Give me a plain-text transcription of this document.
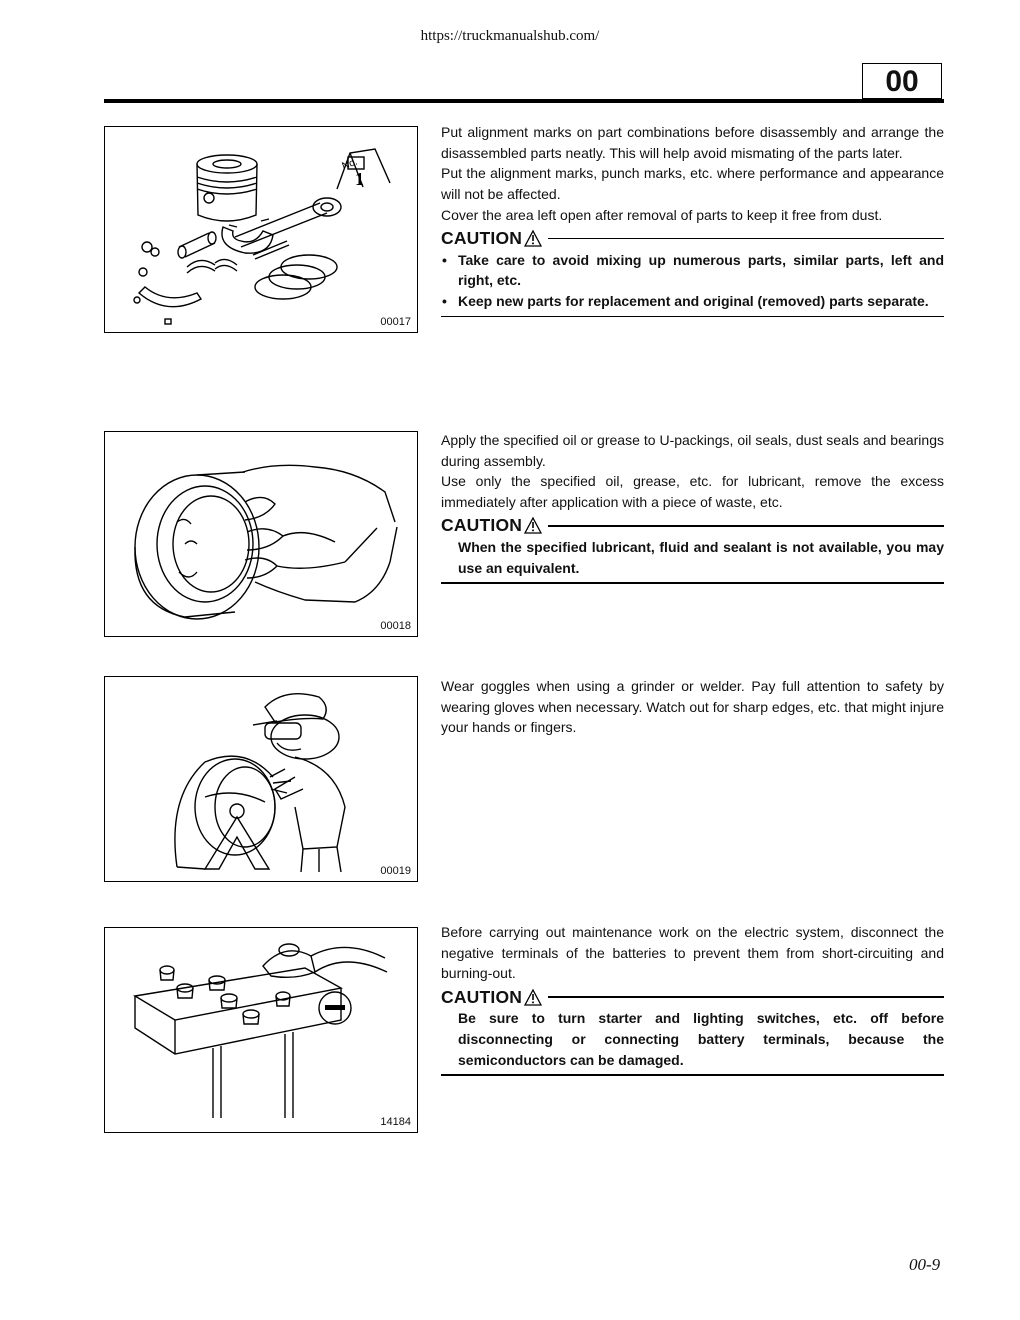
https://truckmanualshub.com/
00
No.
1
00017

Put alignment marks on part combinations before disassembly and arrange the disassembled parts neatly. This will help avoid mismating of the parts later.

Put the alignment marks, punch marks, etc. where performance and appearance will not be affected.

Cover the area left open after removal of parts to keep it free from dust.

CAUTION
• Take care to avoid mixing up numerous parts, similar parts, left and right, etc.
• Keep new parts for replacement and original (removed) parts separate.
00018

Apply the specified oil or grease to U-packings, oil seals, dust seals and bearings during assembly.

Use only the specified oil, grease, etc. for lubricant, remove the excess immediately after application with a piece of waste, etc.

CAUTION
When the specified lubricant, fluid and sealant is not available, you may use an equivalent.
00019

Wear goggles when using a grinder or welder. Pay full attention to safety by wearing gloves when necessary. Watch out for sharp edges, etc. that might injure your hands or fingers.

14184

Before carrying out maintenance work on the electric system, disconnect the negative terminals of the batteries to prevent them from short-circuiting and burning-out.

CAUTION
Be sure to turn starter and lighting switches, etc. off before disconnecting or connecting battery terminals, because the semiconductors can be damaged.
00-9
